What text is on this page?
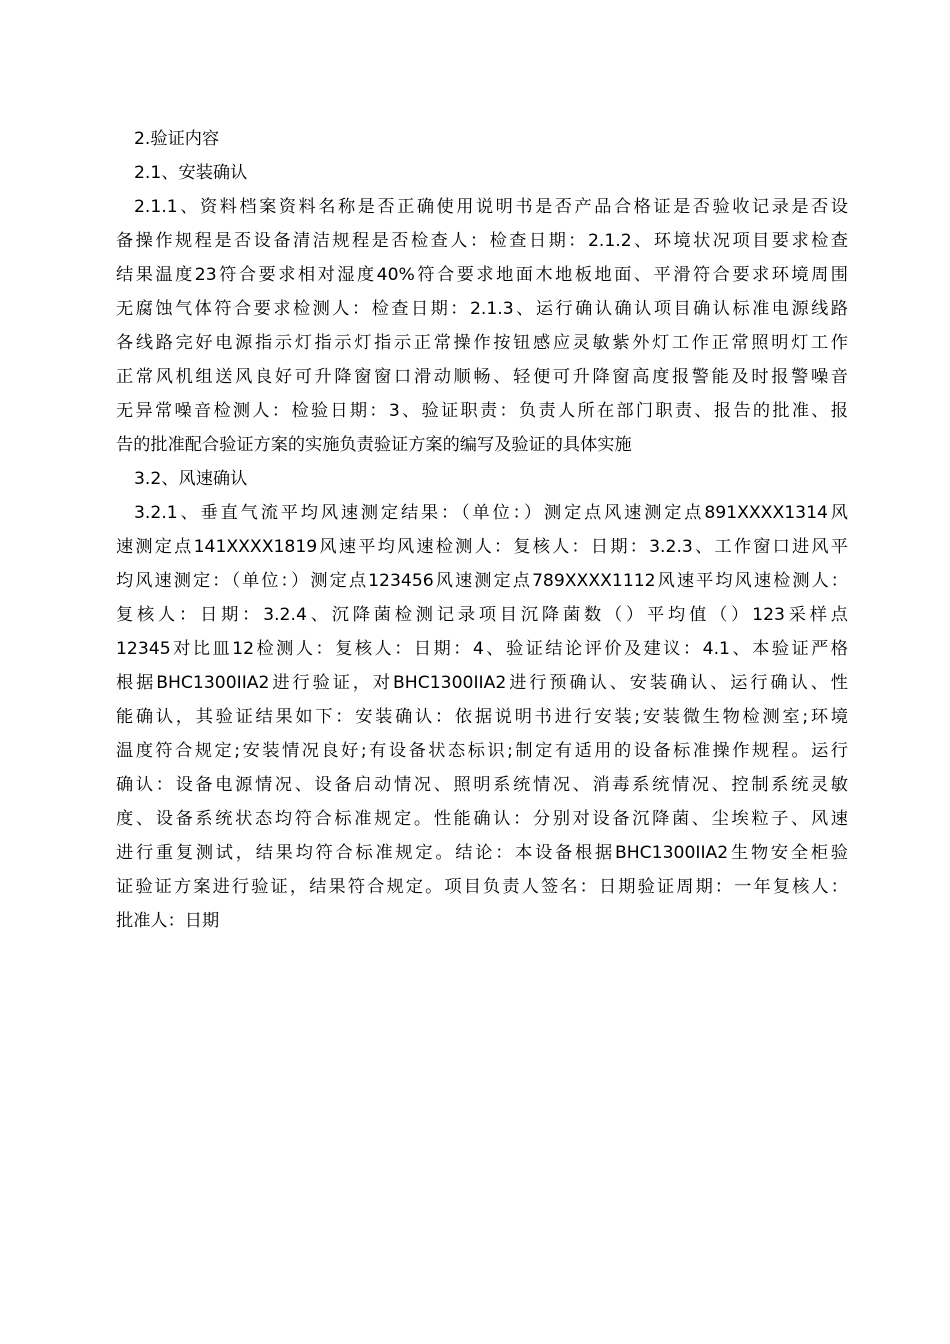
2.验证内容
2.1、安装确认
2.1.1、资料档案资料名称是否正确使用说明书是否产品合格证是否验收记录是否设
备操作规程是否设备清洁规程是否检查人：检查日期：2.1.2、环境状况项目要求检查
结果温度23符合要求相对湿度40%符合要求地面木地板地面、平滑符合要求环境周围
无腐蚀气体符合要求检测人：检查日期：2.1.3、运行确认确认项目确认标准电源线路
各线路完好电源指示灯指示灯指示正常操作按钮感应灵敏紫外灯工作正常照明灯工作
正常风机组送风良好可升降窗窗口滑动顺畅、轻便可升降窗高度报警能及时报警噪音
无异常噪音检测人：检验日期：3、验证职责：负责人所在部门职责、报告的批准、报
告的批准配合验证方案的实施负责验证方案的编写及验证的具体实施
3.2、风速确认
3.2.1、垂直气流平均风速测定结果：（单位：）测定点风速测定点891XXXX1314风
速测定点141XXXX1819风速平均风速检测人：复核人：日期：3.2.3、工作窗口进风平
均风速测定：（单位：）测定点123456风速测定点789XXXX1112风速平均风速检测人：
复核人：日期：3.2.4、沉降菌检测记录项目沉降菌数（）平均值（）123采样点
12345对比皿12检测人：复核人：日期：4、验证结论评价及建议：4.1、本验证严格
根据BHC1300IIA2进行验证，对BHC1300IIA2进行预确认、安装确认、运行确认、性
能确认，其验证结果如下：安装确认：依据说明书进行安装;安装微生物检测室;环境
温度符合规定;安装情况良好;有设备状态标识;制定有适用的设备标准操作规程。运行
确认：设备电源情况、设备启动情况、照明系统情况、消毒系统情况、控制系统灵敏
度、设备系统状态均符合标准规定。性能确认：分别对设备沉降菌、尘埃粒子、风速
进行重复测试，结果均符合标准规定。结论：本设备根据BHC1300IIA2生物安全柜验
证验证方案进行验证，结果符合规定。项目负责人签名：日期验证周期：一年复核人：
批准人：日期
